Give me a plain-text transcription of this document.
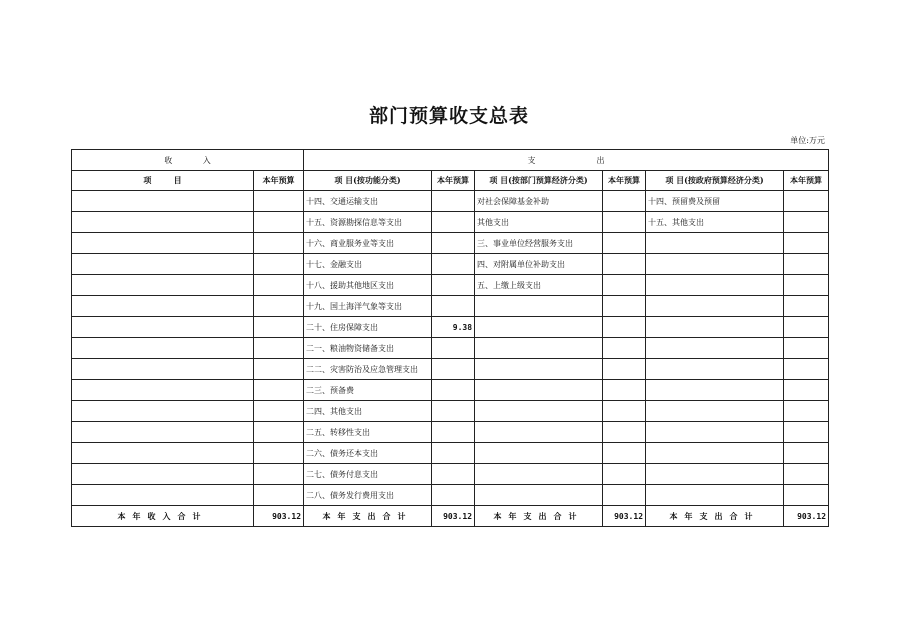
部门预算收支总表
单位:万元
收            入		支                        出					
项        目	本年预算	项 目(按功能分类)	本年预算	项 目(按部门预算经济分类)	本年预算	项 目(按政府预算经济分类)	本年预算
		十四、交通运输支出		对社会保障基金补助		十四、预留费及预留	
		十五、资源勘探信息等支出		其他支出		十五、其他支出	
		十六、商业服务业等支出		三、事业单位经营服务支出			
		十七、金融支出		四、对附属单位补助支出			
		十八、援助其他地区支出		五、上缴上级支出			
		十九、国土海洋气象等支出					
		二十、住房保障支出	9.38				
		二一、粮油物资储备支出					
		二二、灾害防治及应急管理支出					
		二三、预备费					
		二四、其他支出					
		二五、转移性支出					
		二六、债务还本支出					
		二七、债务付息支出					
		二八、债务发行费用支出					
本年收入合计	903.12	本年支出合计	903.12	本年支出合计	903.12	本年支出合计	903.12
